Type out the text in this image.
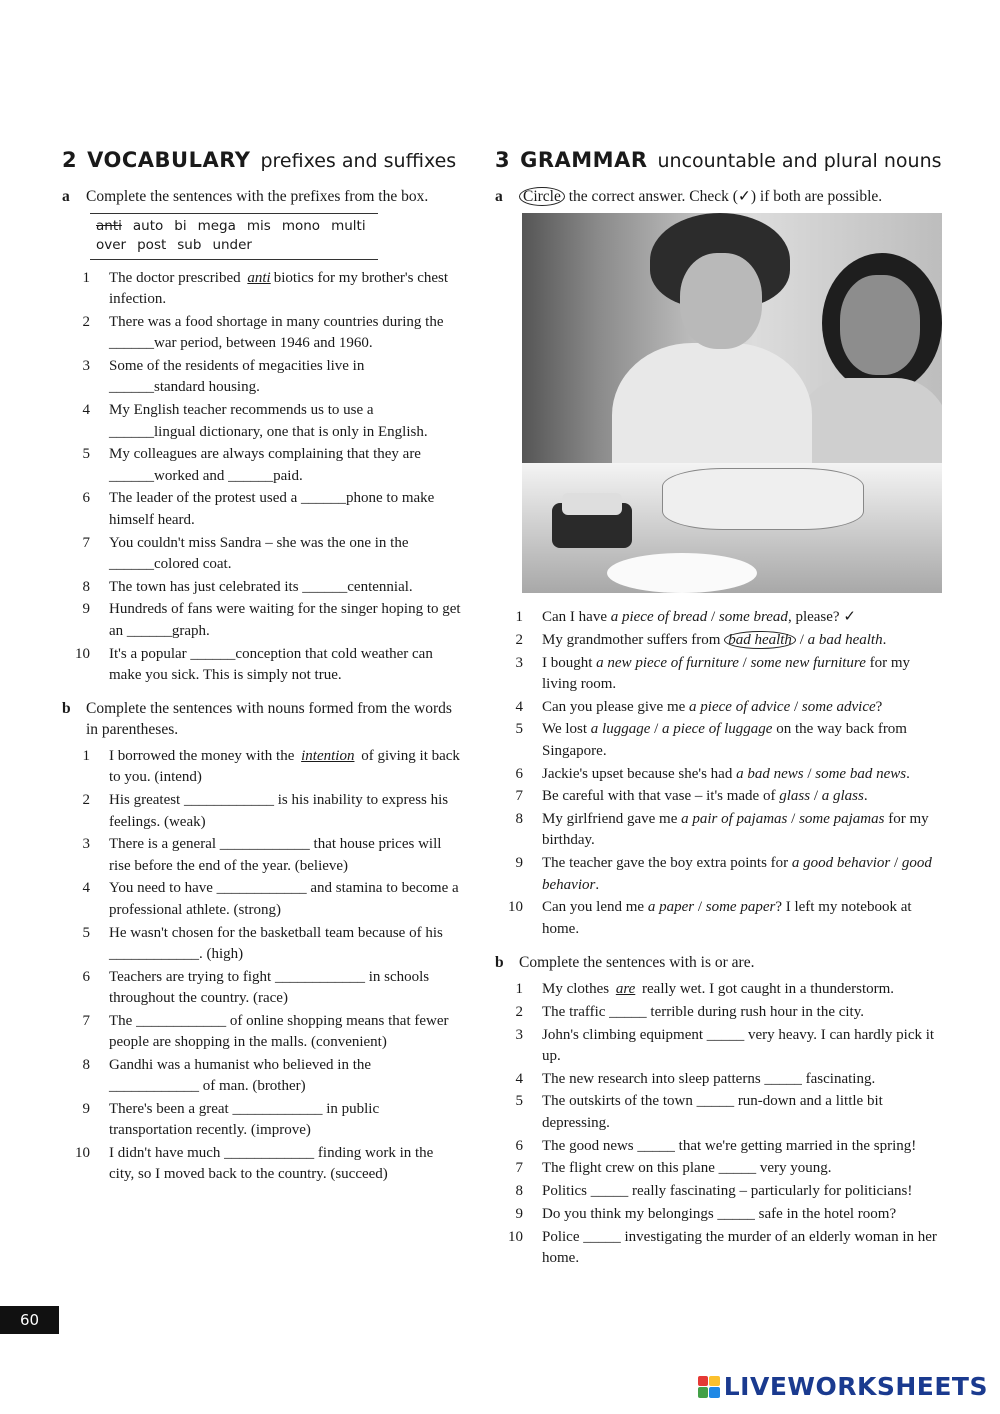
2 VOCABULARY prefixes and suffixes
a	Complete the sentences with the prefixes from the box.
anti auto bi mega mis mono multiover post sub under
1	The doctor prescribed anti biotics for my brother's chest infection.
2	There was a food shortage in many countries during the ______war period, between 1946 and 1960.
3	Some of the residents of megacities live in ______standard housing.
4	My English teacher recommends us to use a ______lingual dictionary, one that is only in English.
5	My colleagues are always complaining that they are ______worked and ______paid.
6	The leader of the protest used a ______phone to make himself heard.
7	You couldn't miss Sandra – she was the one in the ______colored coat.
8	The town has just celebrated its ______centennial.
9	Hundreds of fans were waiting for the singer hoping to get an ______graph.
10	It's a popular ______conception that cold weather can make you sick. This is simply not true.
b Complete the sentences with nouns formed from the words in parentheses.
1	I borrowed the money with the intention of giving it back to you. (intend)
2	His greatest ____________ is his inability to express his feelings. (weak)
3	There is a general ____________ that house prices will rise before the end of the year. (believe)
4	You need to have ____________ and stamina to become a professional athlete. (strong)
5	He wasn't chosen for the basketball team because of his ____________. (high)
6	Teachers are trying to fight ____________ in schools throughout the country. (race)
7	The ____________ of online shopping means that fewer people are shopping in the malls. (convenient)
8	Gandhi was a humanist who believed in the ____________ of man. (brother)
9	There's been a great ____________ in public transportation recently. (improve)
10	I didn't have much ____________ finding work in the city, so I moved back to the country. (succeed)
3 GRAMMAR uncountable and plural nouns
a	Circle the correct answer. Check (✓) if both are possible.
1	Can I have a piece of bread / some bread, please? ✓
2	My grandmother suffers from bad health / a bad health.
3	I bought a new piece of furniture / some new furniture for my living room.
4	Can you please give me a piece of advice / some advice?
5	We lost a luggage / a piece of luggage on the way back from Singapore.
6	Jackie's upset because she's had a bad news / some bad news.
7	Be careful with that vase – it's made of glass / a glass.
8	My girlfriend gave me a pair of pajamas / some pajamas for my birthday.
9	The teacher gave the boy extra points for a good behavior / good behavior.
10	Can you lend me a paper / some paper? I left my notebook at home.
b Complete the sentences with is or are.
1	My clothes are really wet. I got caught in a thunderstorm.
2	The traffic _____ terrible during rush hour in the city.
3	John's climbing equipment _____ very heavy. I can hardly pick it up.
4	The new research into sleep patterns _____ fascinating.
5	The outskirts of the town _____ run-down and a little bit depressing.
6	The good news _____ that we're getting married in the spring!
7	The flight crew on this plane _____ very young.
8	Politics _____ really fascinating – particularly for politicians!
9	Do you think my belongings _____ safe in the hotel room?
10	Police _____ investigating the murder of an elderly woman in her home.
60
LIVEWORKSHEETS
